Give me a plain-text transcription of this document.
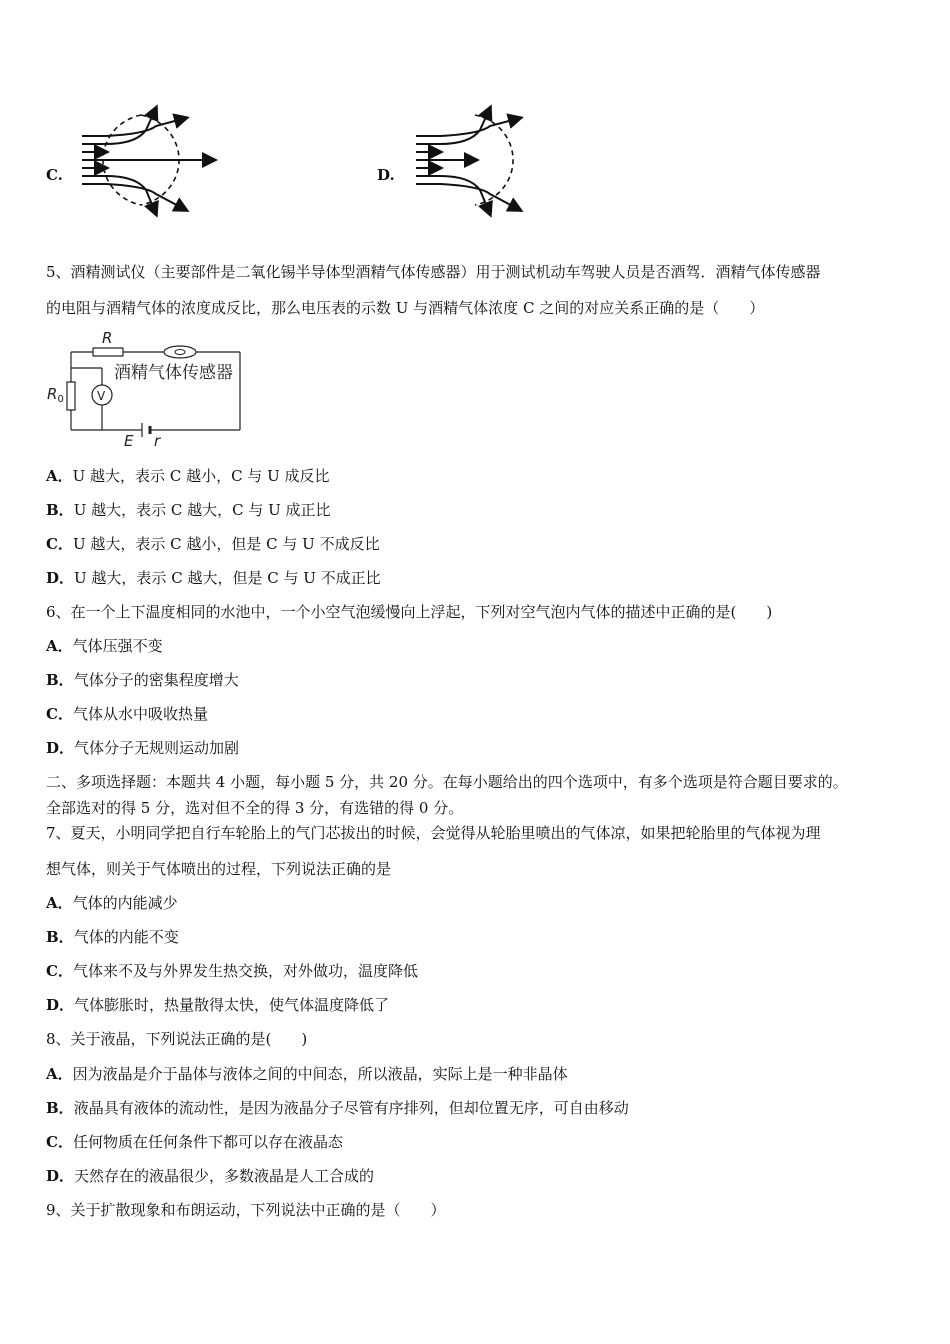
C.	D.
5、酒精测试仪（主要部件是二氧化锡半导体型酒精气体传感器）用于测试机动车驾驶人员是否酒驾．酒精气体传感器
的电阻与酒精气体的浓度成反比，那么电压表的示数 U 与酒精气体浓度 C 之间的对应关系正确的是（　　）
R
$R_0$	V
酒精气体传感器
E r
A．U 越大，表示 C 越小，C 与 U 成反比
B．U 越大，表示 C 越大，C 与 U 成正比
C．U 越大，表示 C 越小，但是 C 与 U 不成反比
D．U 越大，表示 C 越大，但是 C 与 U 不成正比
6、在一个上下温度相同的水池中，一个小空气泡缓慢向上浮起，下列对空气泡内气体的描述中正确的是(　　)
A．气体压强不变
B．气体分子的密集程度增大
C．气体从水中吸收热量
D．气体分子无规则运动加剧
二、多项选择题：本题共 4 小题，每小题 5 分，共 20 分。在每小题给出的四个选项中，有多个选项是符合题目要求的。
全部选对的得 5 分，选对但不全的得 3 分，有选错的得 0 分。
7、夏天，小明同学把自行车轮胎上的气门芯拔出的时候，会觉得从轮胎里喷出的气体凉，如果把轮胎里的气体视为理
想气体，则关于气体喷出的过程，下列说法正确的是
A．气体的内能减少
B．气体的内能不变
C．气体来不及与外界发生热交换，对外做功，温度降低
D．气体膨胀时，热量散得太快，使气体温度降低了
8、关于液晶，下列说法正确的是(　　)
A．因为液晶是介于晶体与液体之间的中间态，所以液晶，实际上是一种非晶体
B．液晶具有液体的流动性，是因为液晶分子尽管有序排列，但却位置无序，可自由移动
C．任何物质在任何条件下都可以存在液晶态
D．天然存在的液晶很少，多数液晶是人工合成的
9、关于扩散现象和布朗运动，下列说法中正确的是（　　）
